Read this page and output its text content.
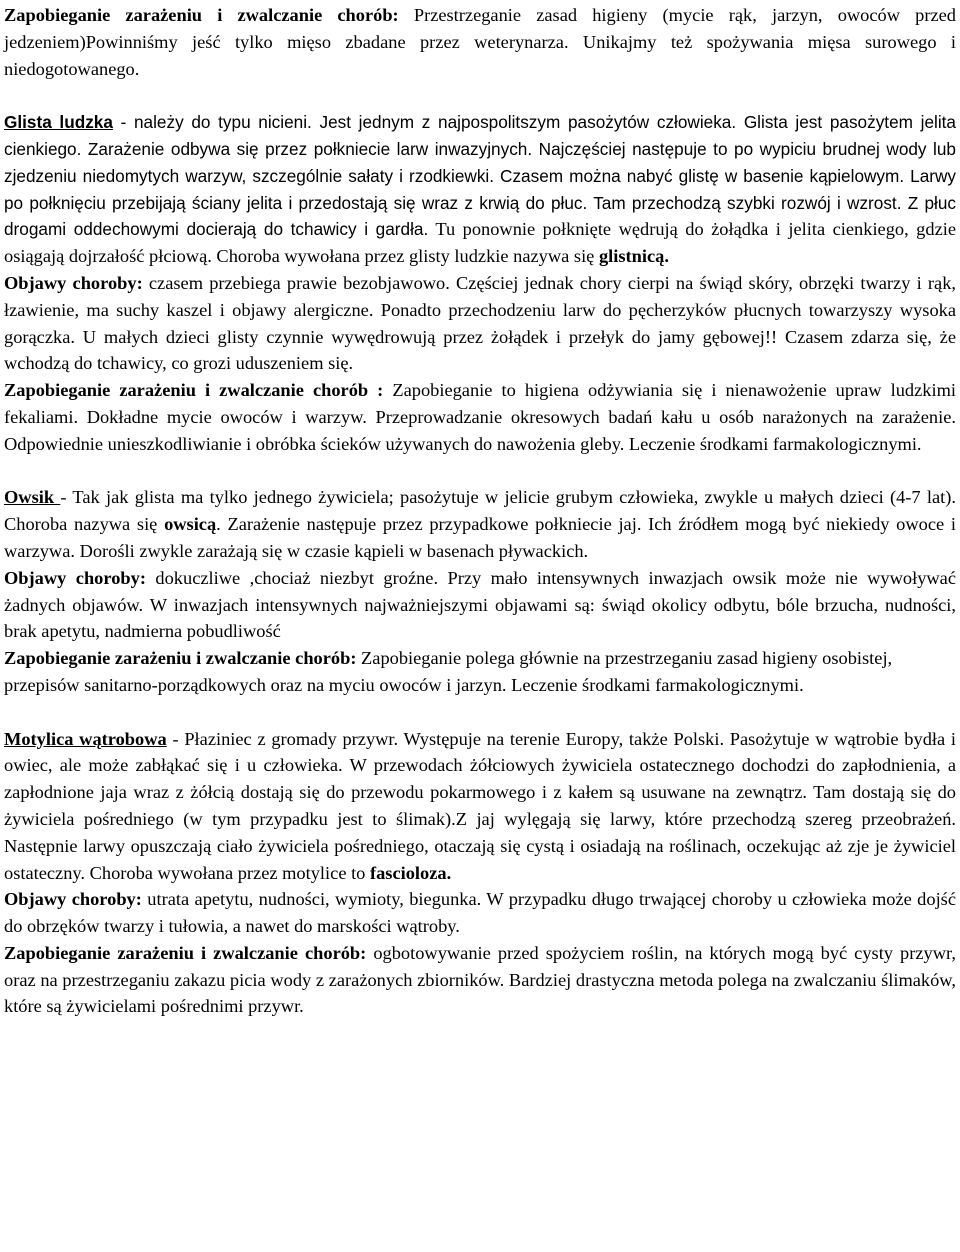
Zapobieganie zarażeniu i zwalczanie chorób: Przestrzeganie zasad higieny (mycie rąk, jarzyn, owoców przed jedzeniem)Powinniśmy jeść tylko mięso zbadane przez weterynarza. Unikajmy też spożywania mięsa surowego i niedogotowanego.

Glista ludzka - należy do typu nicieni. Jest jednym z najpospolitszym pasożytów człowieka. Glista jest pasożytem jelita cienkiego. Zarażenie odbywa się przez połkniecie larw inwazyjnych. Najczęściej następuje to po wypiciu brudnej wody lub zjedzeniu niedomytych warzyw, szczególnie sałaty i rzodkiewki. Czasem można nabyć glistę w basenie kąpielowym. Larwy po połknięciu przebijają ściany jelita i przedostają się wraz z krwią do płuc. Tam przechodzą szybki rozwój i wzrost. Z płuc drogami oddechowymi docierają do tchawicy i gardła. Tu ponownie połknięte wędrują do żołądka i jelita cienkiego, gdzie osiągają dojrzałość płciową. Choroba wywołana przez glisty ludzkie nazywa się glistnicą.

Objawy choroby: czasem przebiega prawie bezobjawowo. Częściej jednak chory cierpi na świąd skóry, obrzęki twarzy i rąk, łzawienie, ma suchy kaszel i objawy alergiczne. Ponadto przechodzeniu larw do pęcherzyków płucnych towarzyszy wysoka gorączka. U małych dzieci glisty czynnie wywędrowują przez żołądek i przełyk do jamy gębowej!! Czasem zdarza się, że wchodzą do tchawicy, co grozi uduszeniem się.

Zapobieganie zarażeniu i zwalczanie chorób : Zapobieganie to higiena odżywiania się i nienawożenie upraw ludzkimi fekaliami. Dokładne mycie owoców i warzyw. Przeprowadzanie okresowych badań kału u osób narażonych na zarażenie. Odpowiednie unieszkodliwianie i obróbka ścieków używanych do nawożenia gleby. Leczenie środkami farmakologicznymi.

Owsik - Tak jak glista ma tylko jednego żywiciela; pasożytuje w jelicie grubym człowieka, zwykle u małych dzieci (4-7 lat). Choroba nazywa się owsicą. Zarażenie następuje przez przypadkowe połkniecie jaj. Ich źródłem mogą być niekiedy owoce i warzywa. Dorośli zwykle zarażają się w czasie kąpieli w basenach pływackich.

Objawy choroby: dokuczliwe ,chociaż niezbyt groźne. Przy mało intensywnych inwazjach owsik może nie wywoływać żadnych objawów. W inwazjach intensywnych najważniejszymi objawami są: świąd okolicy odbytu, bóle brzucha, nudności, brak apetytu, nadmierna pobudliwość

Zapobieganie zarażeniu i zwalczanie chorób: Zapobieganie polega głównie na przestrzeganiu zasad higieny osobistej, przepisów sanitarno-porządkowych oraz na myciu owoców i jarzyn. Leczenie środkami farmakologicznymi.

Motylica wątrobowa - Płaziniec z gromady przywr. Występuje na terenie Europy, także Polski. Pasożytuje w wątrobie bydła i owiec, ale może zabłąkać się i u człowieka. W przewodach żółciowych żywiciela ostatecznego dochodzi do zapłodnienia, a zapłodnione jaja wraz z żółcią dostają się do przewodu pokarmowego i z kałem są usuwane na zewnątrz. Tam dostają się do żywiciela pośredniego (w tym przypadku jest to ślimak).Z jaj wylęgają się larwy, które przechodzą szereg przeobrażeń. Następnie larwy opuszczają ciało żywiciela pośredniego, otaczają się cystą i osiadają na roślinach, oczekując aż zje je żywiciel ostateczny. Choroba wywołana przez motylice to fascioloza.

Objawy choroby: utrata apetytu, nudności, wymioty, biegunka. W przypadku długo trwającej choroby u człowieka może dojść do obrzęków twarzy i tułowia, a nawet do marskości wątroby.

Zapobieganie zarażeniu i zwalczanie chorób: ogbotowywanie przed spożyciem roślin, na których mogą być cysty przywr, oraz na przestrzeganiu zakazu picia wody z zarażonych zbiorników. Bardziej drastyczna metoda polega na zwalczaniu ślimaków, które są żywicielami pośrednimi przywr.
